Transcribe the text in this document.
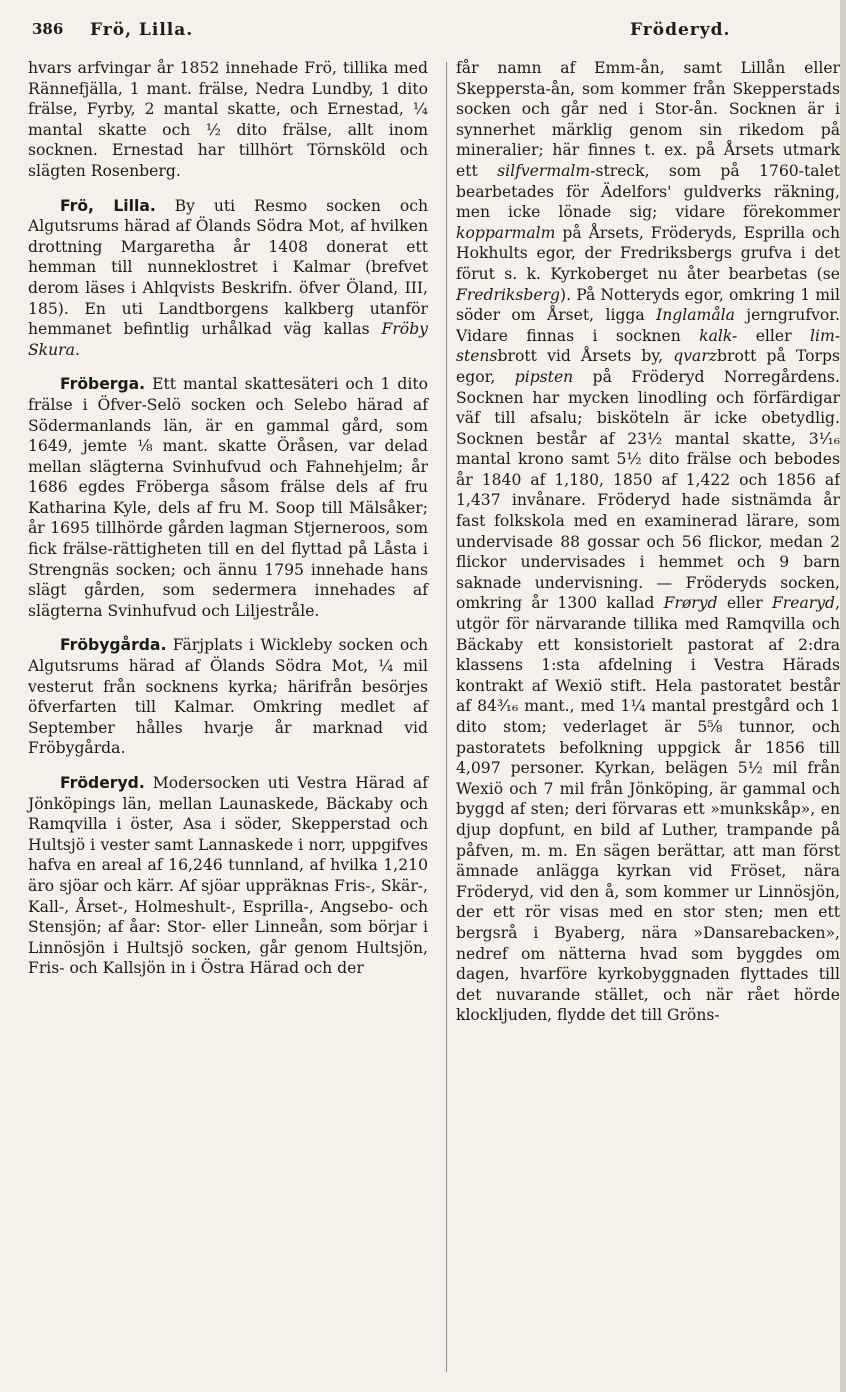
386 Frö, Lilla.	Fröderyd.

hvars arfvingar år 1852 innehade Frö, tillika med Rännefjälla, 1 mant. frälse, Nedra Lundby, 1 dito frälse, Fyrby, 2 mantal skatte, och Ernestad, ¼ mantal skatte och ½ dito frälse, allt inom socknen. Ernestad har tillhört Törnsköld och slägten Rosenberg.

Frö, Lilla. By uti Resmo socken och Algutsrums härad af Ölands Södra Mot, af hvilken drottning Margaretha år 1408 donerat ett hemman till nunneklostret i Kalmar (brefvet derom läses i Ahlqvists Beskrifn. öfver Öland, III, 185). En uti Landtborgens kalkberg utanför hemmanet befintlig urhålkad väg kallas Fröby Skura.

Fröberga. Ett mantal skattesäteri och 1 dito frälse i Öfver-Selö socken och Selebo härad af Södermanlands län, är en gammal gård, som 1649, jemte ⅛ mant. skatte Öråsen, var delad mellan slägterna Svinhufvud och Fahnehjelm; år 1686 egdes Fröberga såsom frälse dels af fru Katharina Kyle, dels af fru M. Soop till Mälsåker; år 1695 tillhörde gården lagman Stjerneroos, som fick frälse-rättigheten till en del flyttad på Låsta i Strengnäs socken; och ännu 1795 innehade hans slägt gården, som sedermera innehades af slägterna Svinhufvud och Liljestråle.

Fröbygårda. Färjplats i Wickleby socken och Algutsrums härad af Ölands Södra Mot, ¼ mil vesterut från socknens kyrka; härifrån besörjes öfverfarten till Kalmar. Omkring medlet af September hålles hvarje år marknad vid Fröbygårda.

Fröderyd. Modersocken uti Vestra Härad af Jönköpings län, mellan Launaskede, Bäckaby och Ramqvilla i öster, Asa i söder, Skepperstad och Hultsjö i vester samt Lannaskede i norr, uppgifves hafva en areal af 16,246 tunnland, af hvilka 1,210 äro sjöar och kärr. Af sjöar uppräknas Fris-, Skär-, Kall-, Årset-, Holmeshult-, Esprilla-, Angsebo- och Stensjön; af åar: Stor- eller Linneån, som börjar i Linnösjön i Hultsjö socken, går genom Hultsjön, Fris- och Kallsjön in i Östra Härad och der

får namn af Emm-ån, samt Lillån eller Skeppersta-ån, som kommer från Skepperstads socken och går ned i Stor-ån. Socknen är i synnerhet märklig genom sin rikedom på mineralier; här finnes t. ex. på Årsets utmark ett silfvermalm-streck, som på 1760-talet bearbetades för Ädelfors' guldverks räkning, men icke lönade sig; vidare förekommer kopparmalm på Årsets, Fröderyds, Esprilla och Hokhults egor, der Fredriksbergs grufva i det förut s. k. Kyrkoberget nu åter bearbetas (se Fredriksberg). På Notteryds egor, omkring 1 mil söder om Årset, ligga Inglamåla jerngrufvor. Vidare finnas i socknen kalk- eller lim-stensbrott vid Årsets by, qvarzbrott på Torps egor, pipsten på Fröderyd Norregårdens. Socknen har mycken linodling och förfärdigar väf till afsalu; bisköteln är icke obetydlig. Socknen består af 23½ mantal skatte, 3¹⁄₁₆ mantal krono samt 5½ dito frälse och bebodes år 1840 af 1,180, 1850 af 1,422 och 1856 af 1,437 invånare. Fröderyd hade sistnämda år fast folkskola med en examinerad lärare, som undervisade 88 gossar och 56 flickor, medan 2 flickor undervisades i hemmet och 9 barn saknade undervisning. — Fröderyds socken, omkring år 1300 kallad Frøryd eller Frearyd, utgör för närvarande tillika med Ramqvilla och Bäckaby ett konsistorielt pastorat af 2:dra klassens 1:sta afdelning i Vestra Härads kontrakt af Wexiö stift. Hela pastoratet består af 84³⁄₁₆ mant., med 1¼ mantal prestgård och 1 dito stom; vederlaget är 5⅝ tunnor, och pastoratets befolkning uppgick år 1856 till 4,097 personer. Kyrkan, belägen 5½ mil från Wexiö och 7 mil från Jönköping, är gammal och byggd af sten; deri förvaras ett »munkskåp», en djup dopfunt, en bild af Luther, trampande på påfven, m. m. En sägen berättar, att man först ämnade anlägga kyrkan vid Fröset, nära Fröderyd, vid den å, som kommer ur Linnösjön, der ett rör visas med en stor sten; men ett bergsrå i Byaberg, nära »Dansarebacken», nedref om nätterna hvad som byggdes om dagen, hvarföre kyrkobyggnaden flyttades till det nuvarande stället, och när rået hörde klockljuden, flydde det till Gröns-
